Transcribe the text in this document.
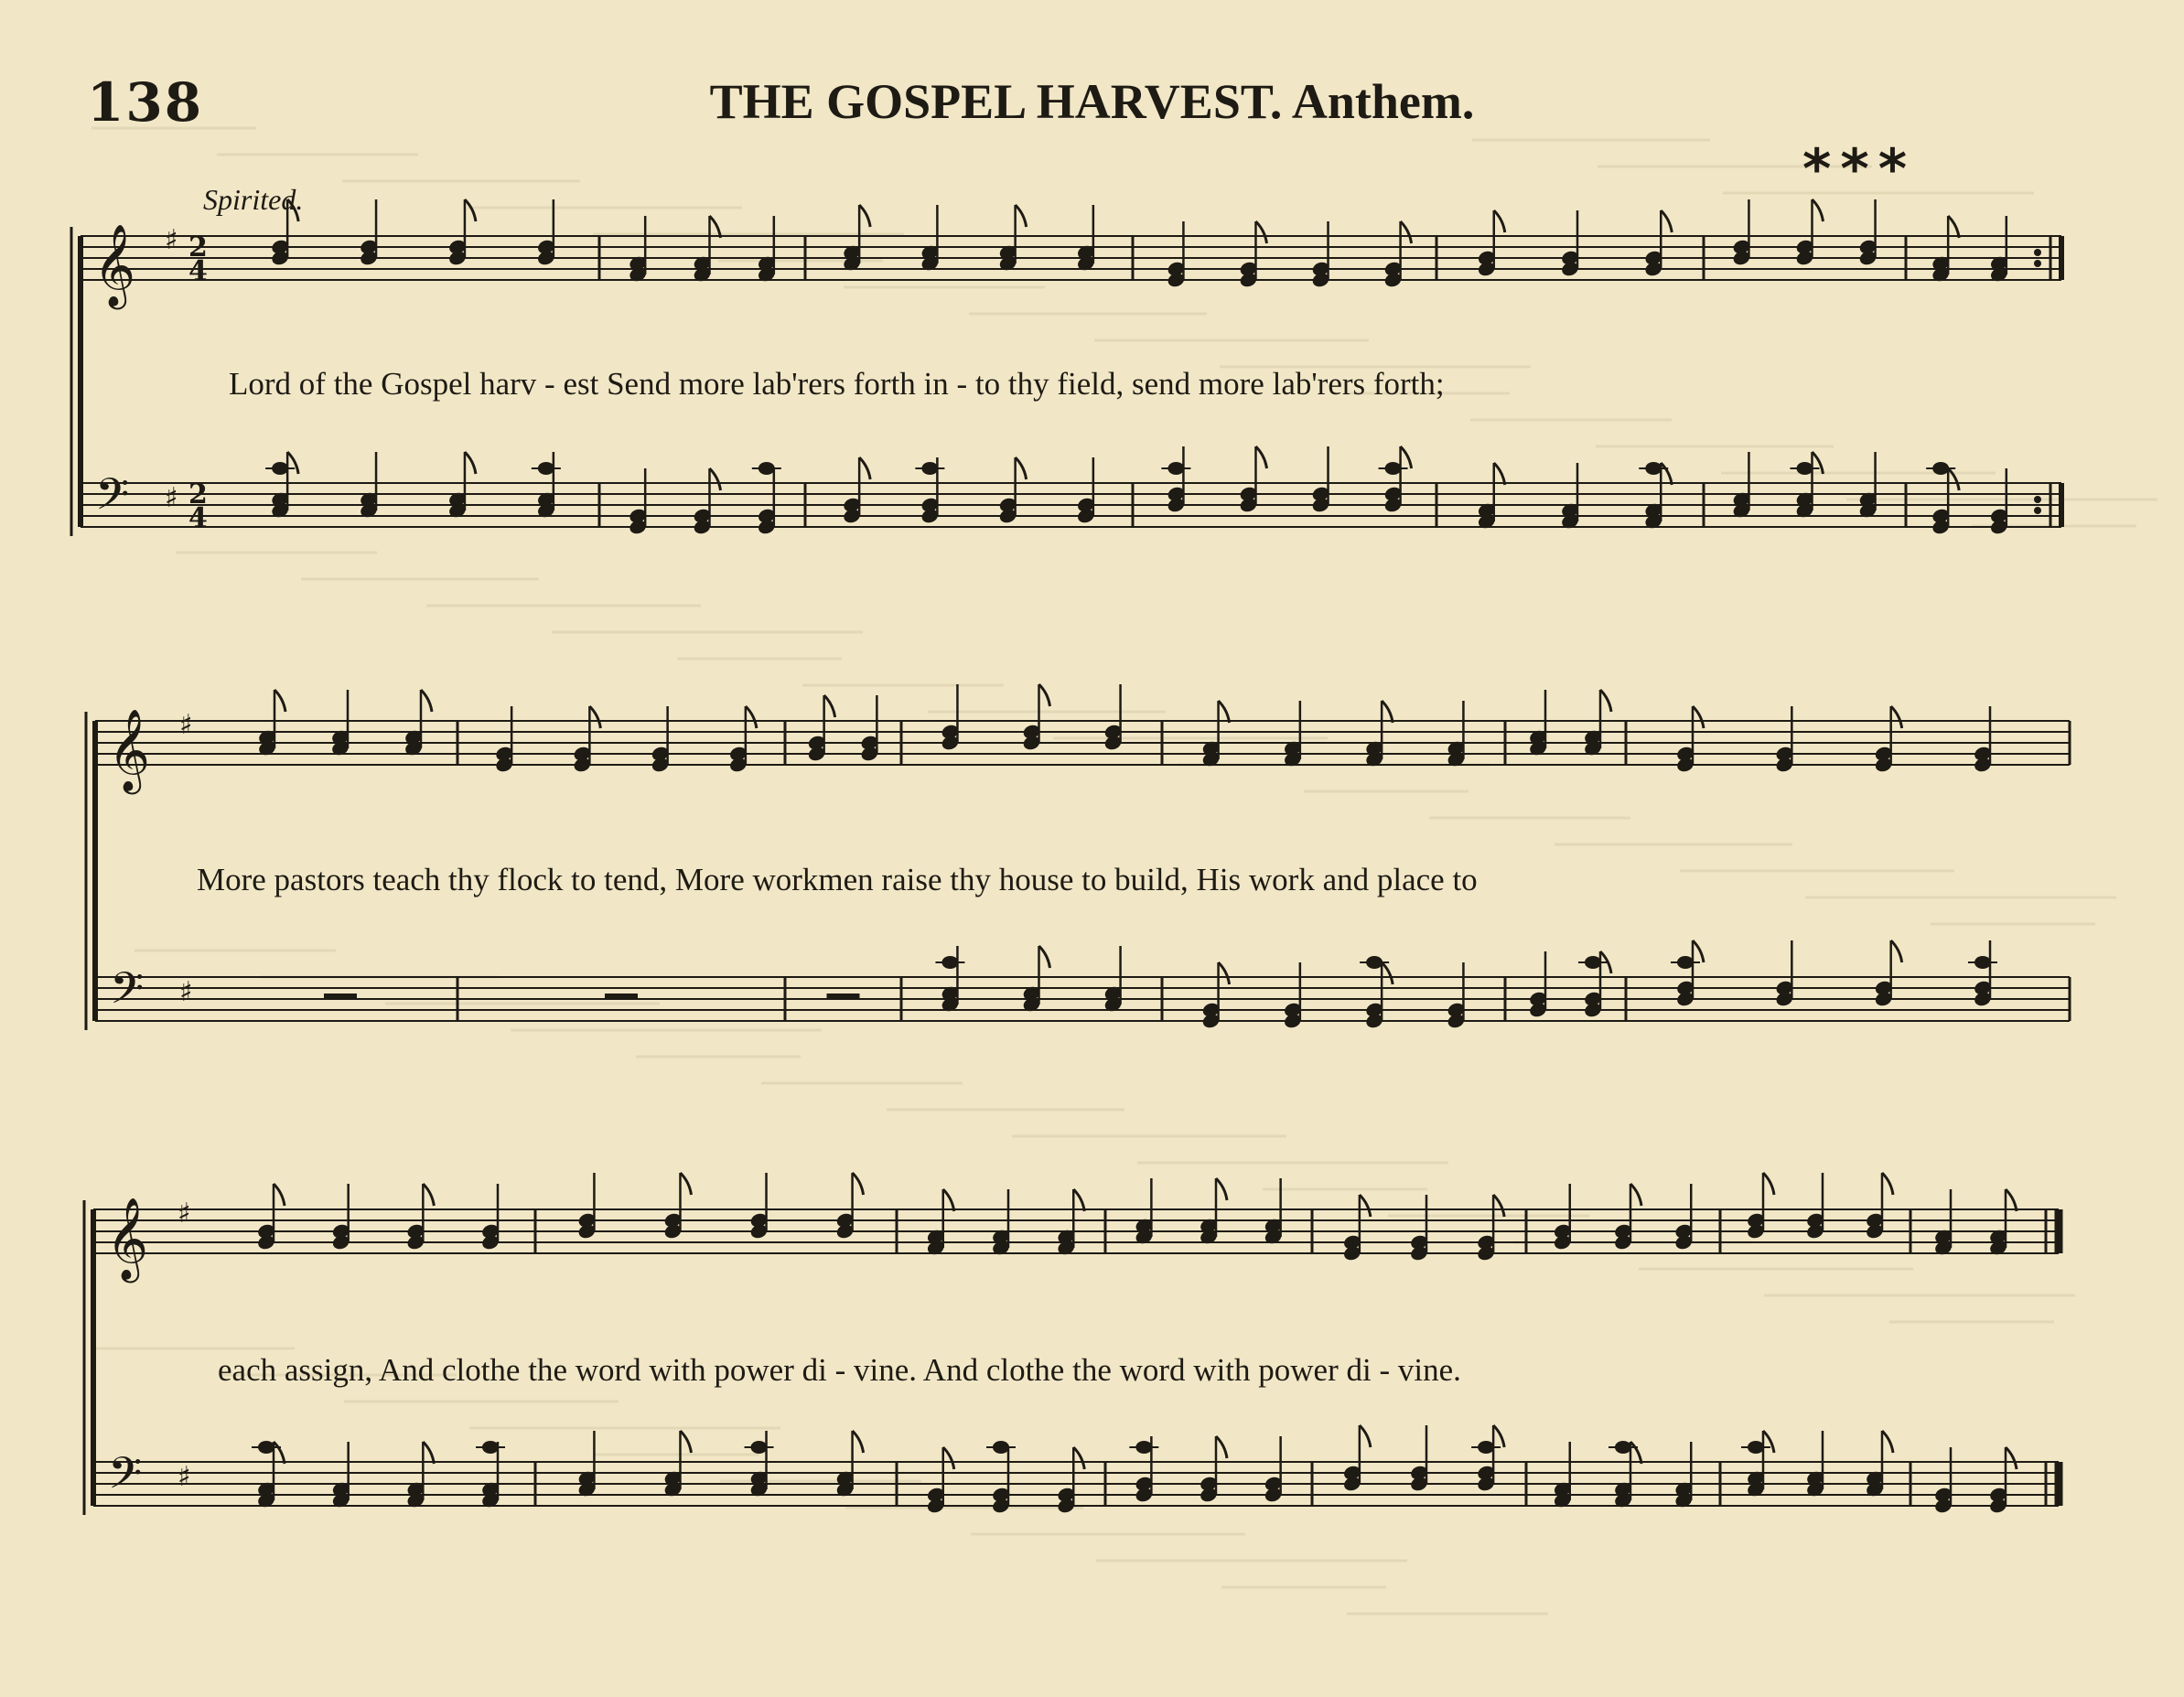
𝄞 ♯ 2
4
𝄢 ♯ 2
4
𝄞 ♯
𝄢 ♯
𝄞 ♯
𝄢 ♯
138	THE GOSPEL HARVEST. Anthem.
***
Spirited.
Lord of the Gospel harv - est Send more lab'rers forth in - to thy field, send more lab'rers forth;
More pastors teach thy flock to tend, More workmen raise thy house to build, His work and place to
each assign, And clothe the word with power di - vine. And clothe the word with power di - vine.
